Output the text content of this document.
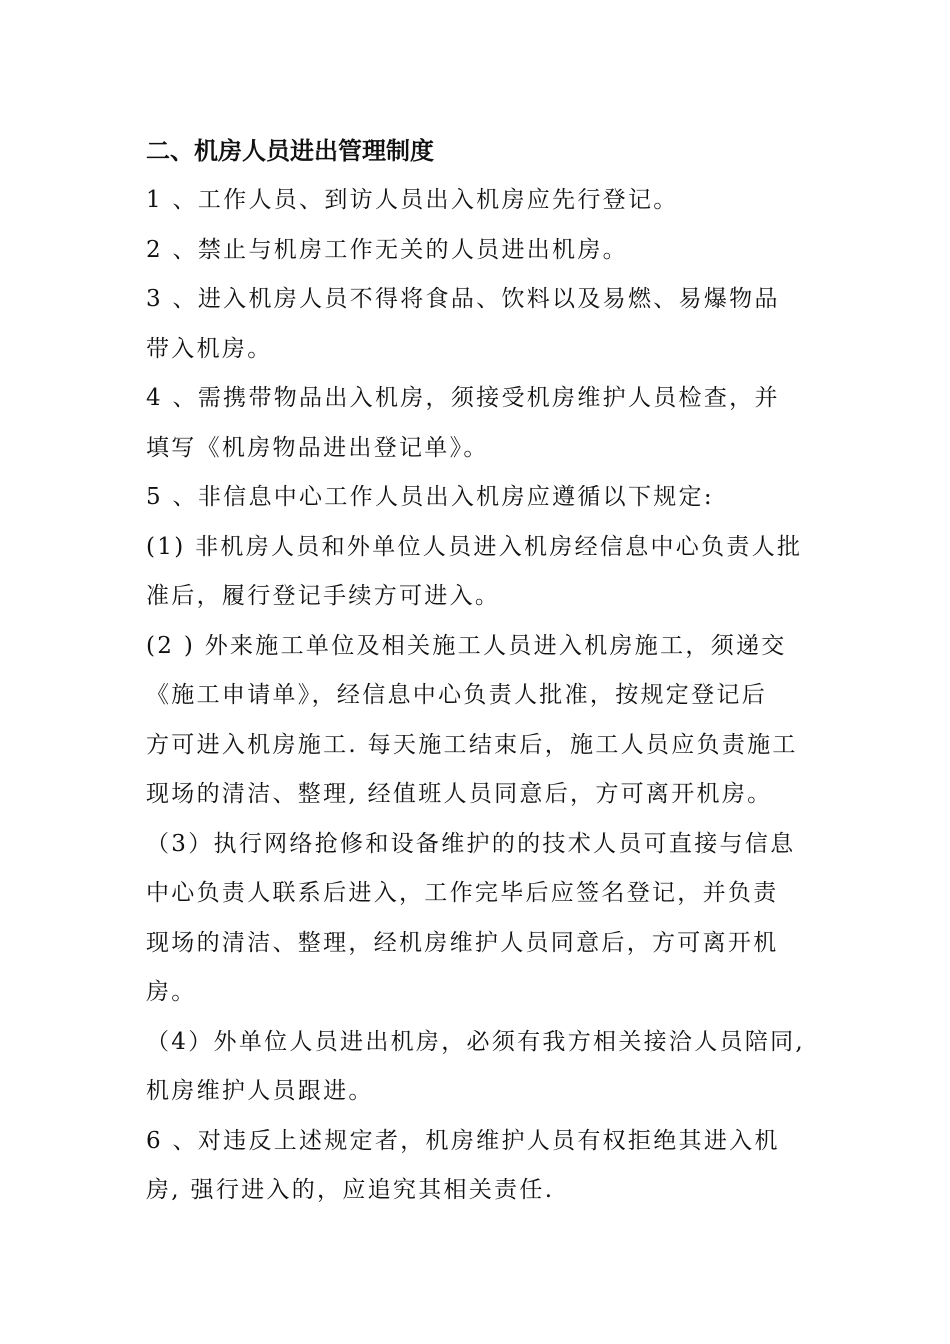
二、机房人员进出管理制度

1 、工作人员、到访人员出入机房应先行登记。

2 、禁止与机房工作无关的人员进出机房。

3 、进入机房人员不得将食品、饮料以及易燃、易爆物品

带入机房。

4 、需携带物品出入机房，须接受机房维护人员检查，并

填写《机房物品进出登记单》。

5 、非信息中心工作人员出入机房应遵循以下规定:

(1) 非机房人员和外单位人员进入机房经信息中心负责人批

准后，履行登记手续方可进入。

(2 ) 外来施工单位及相关施工人员进入机房施工，须递交

《施工申请单》，经信息中心负责人批准，按规定登记后

方可进入机房施工. 每天施工结束后，施工人员应负责施工

现场的清洁、整理, 经值班人员同意后，方可离开机房。

（3）执行网络抢修和设备维护的的技术人员可直接与信息

中心负责人联系后进入，工作完毕后应签名登记，并负责

现场的清洁、整理，经机房维护人员同意后，方可离开机

房。

（4）外单位人员进出机房，必须有我方相关接洽人员陪同,

机房维护人员跟进。

6 、对违反上述规定者，机房维护人员有权拒绝其进入机

房, 强行进入的，应追究其相关责任.
